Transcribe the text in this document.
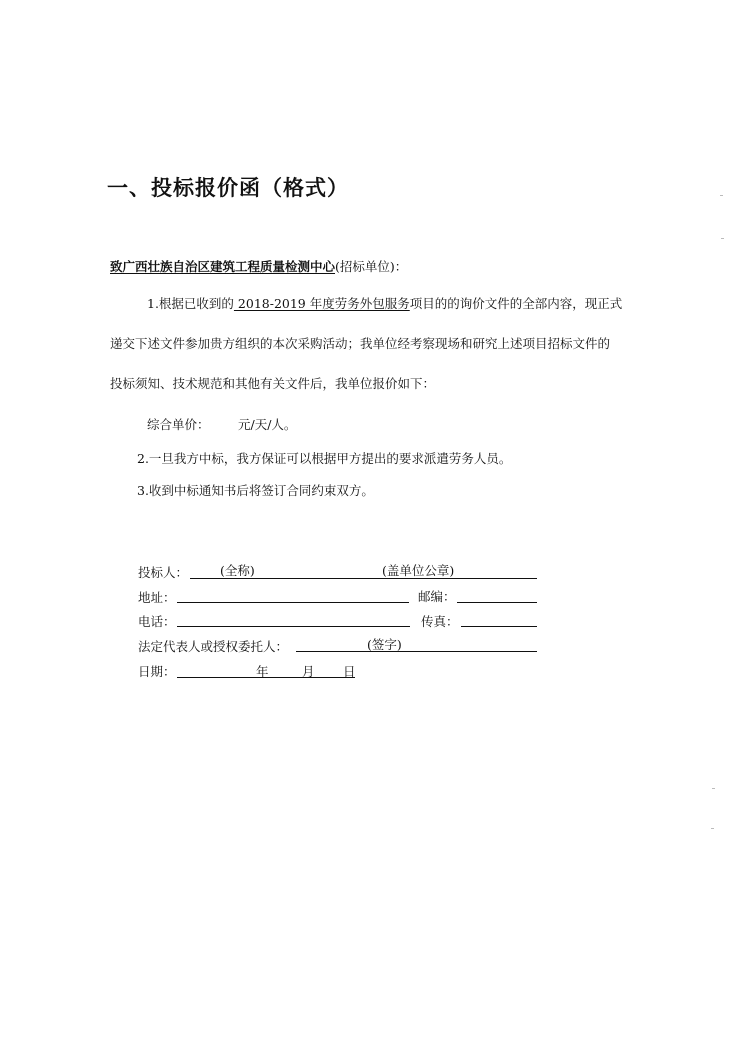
一、投标报价函（格式）
致广西壮族自治区建筑工程质量检测中心(招标单位)：
1.根据已收到的 2018-2019 年度劳务外包服务项目的的询价文件的全部内容，现正式
递交下述文件参加贵方组织的本次采购活动；我单位经考察现场和研究上述项目招标文件的
投标须知、技术规范和其他有关文件后，我单位报价如下：
综合单价： 元/天/人。
2.一旦我方中标，我方保证可以根据甲方提出的要求派遣劳务人员。
3.收到中标通知书后将签订合同约束双方。
投标人：	(全称)	(盖单位公章)
地址：	邮编：
电话：	传真：
法定代表人或授权委托人：	(签字)
日期：	年	月 日
